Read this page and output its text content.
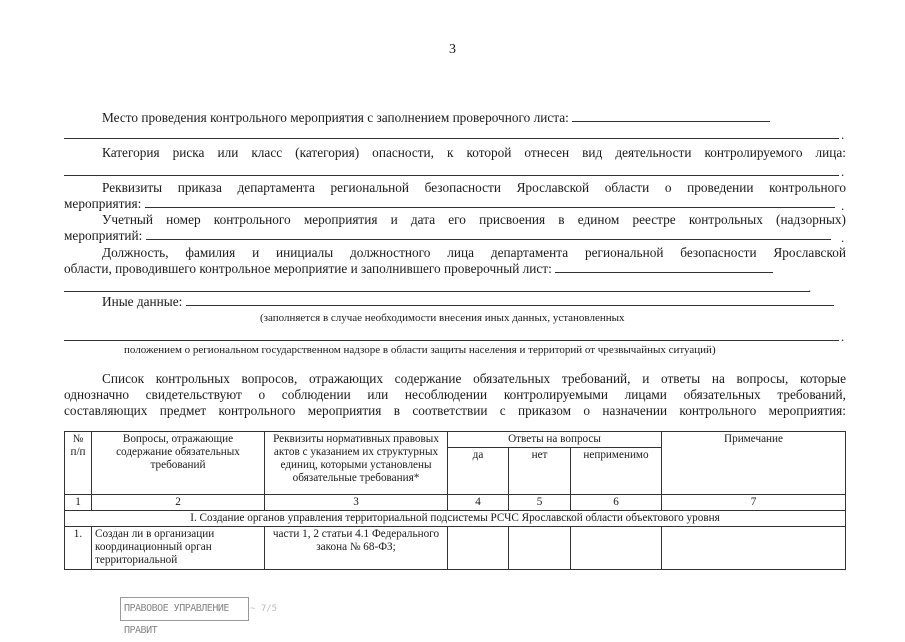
3
Место проведения контрольного мероприятия с заполнением проверочного листа:
.
Категория риска или класс (категория) опасности, к которой отнесен вид деятельности контролируемого лица:
.
Реквизиты приказа департамента региональной безопасности Ярославской области о проведении контрольного
мероприятия:	.
Учетный номер контрольного мероприятия и дата его присвоения в едином реестре контрольных (надзорных)
мероприятий:	.
Должность, фамилия и инициалы должностного лица департамента региональной безопасности Ярославской
области, проводившего контрольное мероприятие и заполнившего проверочный лист:
.
Иные данные:
(заполняется в случае необходимости внесения иных данных, установленных
.
положением о региональном государственном надзоре в области защиты населения и территорий от чрезвычайных ситуаций)
Список контрольных вопросов, отражающих содержание обязательных требований, и ответы на вопросы, которые
однозначно свидетельствуют о соблюдении или несоблюдении контролируемыми лицами обязательных требований,
составляющих предмет контрольного мероприятия в соответствии с приказом о назначении контрольного мероприятия:
№ п/п	Вопросы, отражающие содержание обязательных требований	Реквизиты нормативных правовых актов с указанием их структурных единиц, которыми установлены обязательные требования*	Ответы на вопросы			Примечание
			да	нет	неприменимо	
1	2	3	4	5	6	7
I. Создание органов управления территориальной подсистемы РСЧС Ярославской области объектового уровня						
1.	Создан ли в организации координационный орган территориальной	части 1, 2 статьи 4.1 Федерального закона № 68-ФЗ;				
ПРАВОВОЕ УПРАВЛЕНИЕ ПРАВИТ
~ 7/5
